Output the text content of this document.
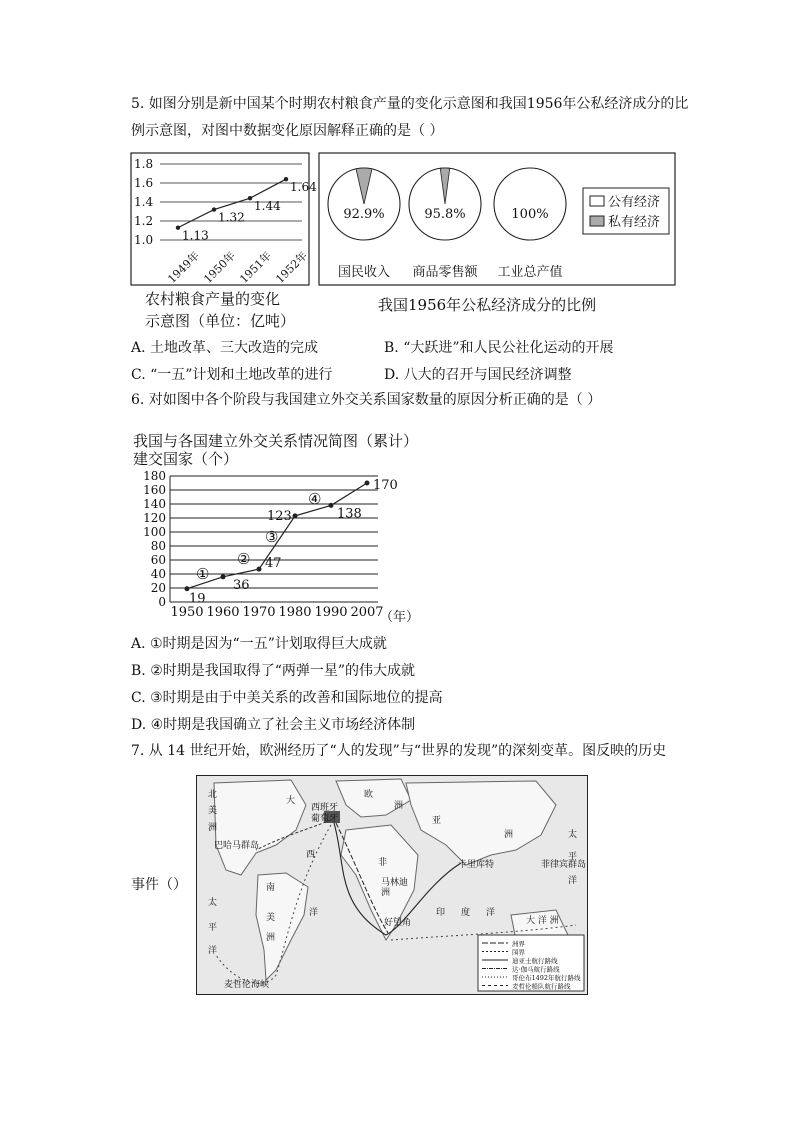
5. 如图分别是新中国某个时期农村粮食产量的变化示意图和我国1956年公私经济成分的比
例示意图，对图中数据变化原因解释正确的是（ ）
1.0
1.2
1.4
1.6
1.8
1.13
1949年
1.32
1950年
1.44
1951年
1.64
1952年
92.9%
国民收入
95.8%
商品零售额
100%
工业总产值
公有经济
私有经济
农村粮食产量的变化
示意图（单位：亿吨）
我国1956年公私经济成分的比例
A. 土地改革、三大改造的完成	B. “大跃进”和人民公社化运动的开展
C. “一五”计划和土地改革的进行	D. 八大的召开与国民经济调整
6. 对如图中各个阶段与我国建立外交关系国家数量的原因分析正确的是（ ）
我国与各国建立外交关系情况简图（累计）
建交国家（个）
0
20
40
60
80
100
120
140
160
180
19
1950
36
1960
47
1970
123
1980
138
1990
170
2007
①
②
③
④
（年）
A. ①时期是因为“一五”计划取得巨大成就
B. ②时期是我国取得了“两弹一星”的伟大成就
C. ③时期是由于中美关系的改善和国际地位的提高
D. ④时期是我国确立了社会主义市场经济体制
7. 从 14 世纪开始，欧洲经历了“人的发现”与“世界的发现”的深刻变革。图反映的历史
事件（）
北
美
洲
大
欧
洲
西班牙
葡萄牙	亚
洲
巴哈马群岛
西
非
洲
卡里库特	菲律宾群岛
太
平
洋
马林迪
洋
南
美
洲
印 度 洋
大 洋 洲
好望角
太
平
洋
麦哲伦海峡
洲界
国界
迪亚士航行路线
达·伽马航行路线
哥伦布1492年航行路线
麦哲伦船队航行路线
